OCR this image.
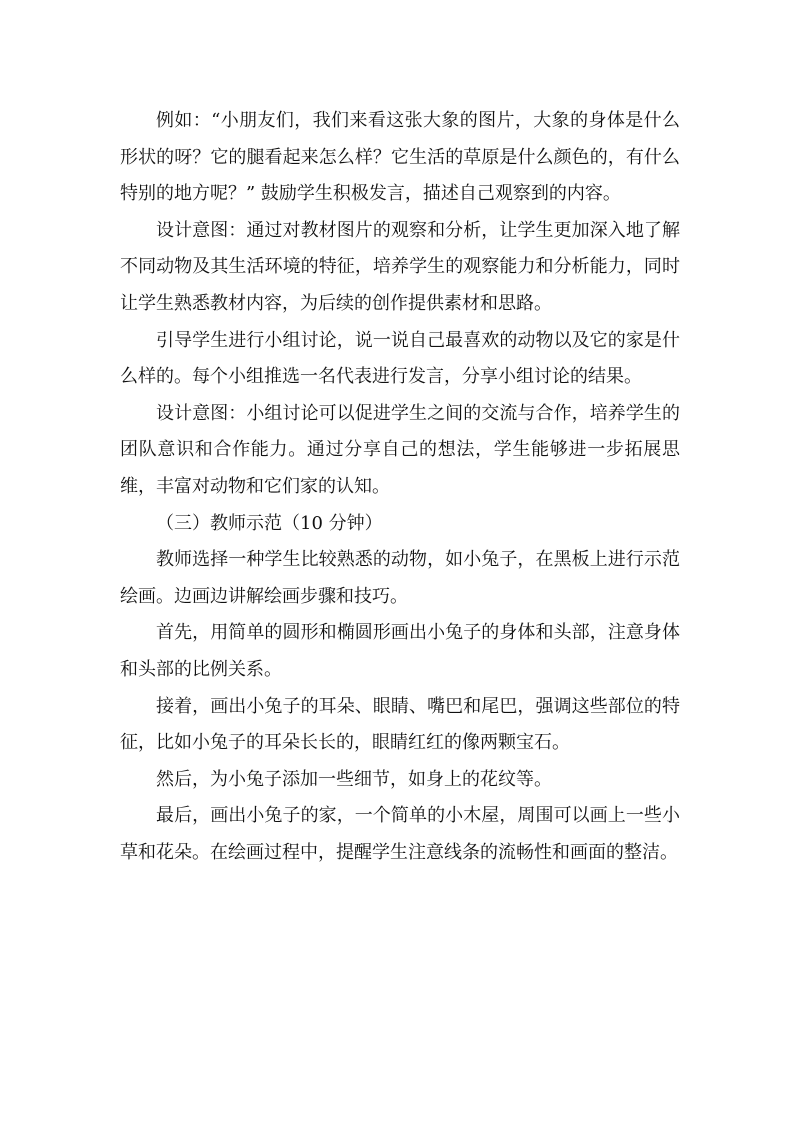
例如：“小朋友们，我们来看这张大象的图片，大象的身体是什么形状的呀？它的腿看起来怎么样？它生活的草原是什么颜色的，有什么特别的地方呢？” 鼓励学生积极发言，描述自己观察到的内容。

设计意图：通过对教材图片的观察和分析，让学生更加深入地了解不同动物及其生活环境的特征，培养学生的观察能力和分析能力，同时让学生熟悉教材内容，为后续的创作提供素材和思路。

引导学生进行小组讨论，说一说自己最喜欢的动物以及它的家是什么样的。每个小组推选一名代表进行发言，分享小组讨论的结果。

设计意图：小组讨论可以促进学生之间的交流与合作，培养学生的团队意识和合作能力。通过分享自己的想法，学生能够进一步拓展思维，丰富对动物和它们家的认知。

（三）教师示范（10 分钟）

教师选择一种学生比较熟悉的动物，如小兔子，在黑板上进行示范绘画。边画边讲解绘画步骤和技巧。

首先，用简单的圆形和椭圆形画出小兔子的身体和头部，注意身体和头部的比例关系。

接着，画出小兔子的耳朵、眼睛、嘴巴和尾巴，强调这些部位的特征，比如小兔子的耳朵长长的，眼睛红红的像两颗宝石。

然后，为小兔子添加一些细节，如身上的花纹等。

最后，画出小兔子的家，一个简单的小木屋，周围可以画上一些小草和花朵。在绘画过程中，提醒学生注意线条的流畅性和画面的整洁。
